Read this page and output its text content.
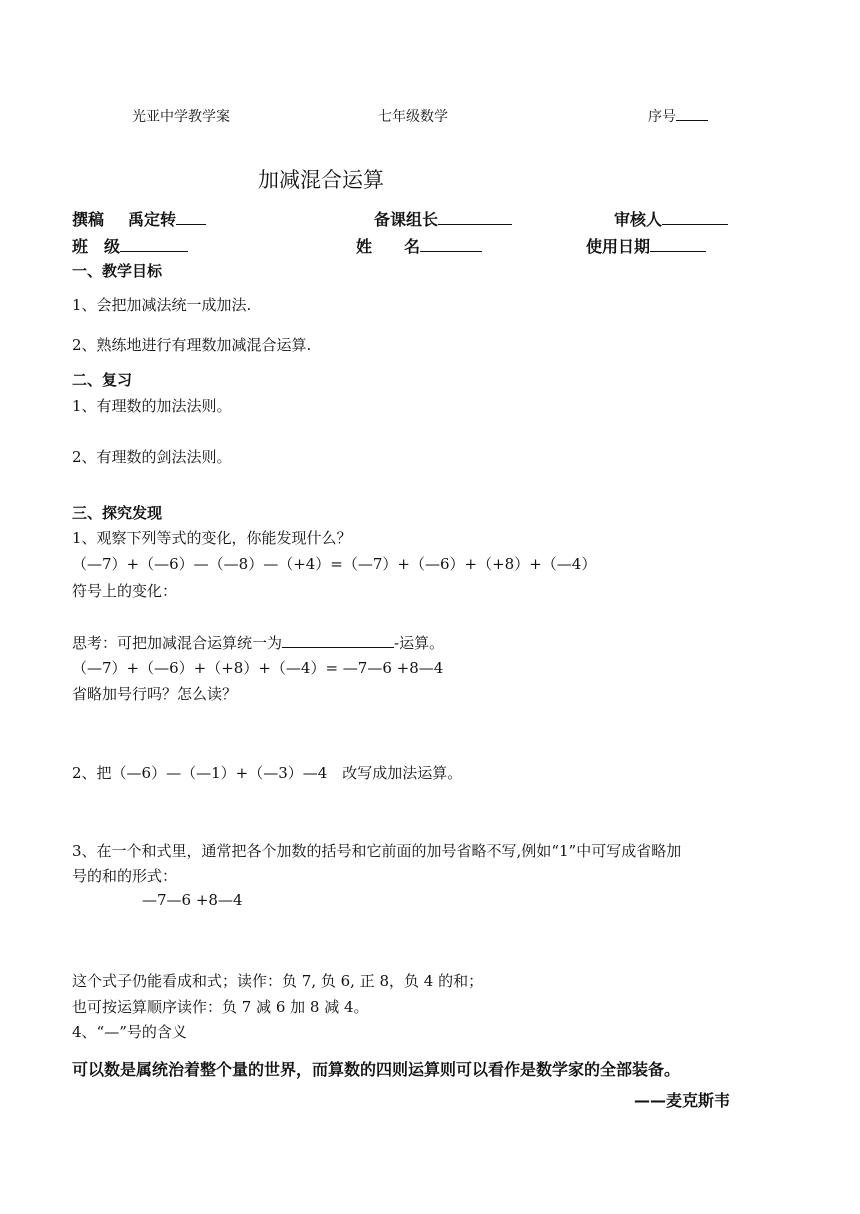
光亚中学教学案	七年级数学	序号
加减混合运算
撰稿 禹定转	备课组长	审核人
班　级	姓　　名	使用日期
一、教学目标
1、会把加减法统一成加法.
2、熟练地进行有理数加减混合运算.
二、复习
1、有理数的加法法则。
2、有理数的剑法法则。
三、探究发现
1、观察下列等式的变化，你能发现什么？
（—7）+（—6）—（—8）—（+4）=（—7）+（—6）+（+8）+（—4）
符号上的变化：
思考：可把加减混合运算统一为	-运算。
（—7）+（—6）+（+8）+（—4）= —7—6 +8—4
省略加号行吗？怎么读？
2、把（—6）—（—1）+（—3）—4　改写成加法运算。
3、在一个和式里，通常把各个加数的括号和它前面的加号省略不写,例如“1”中可写成省略加
号的和的形式：
—7—6 +8—4
这个式子仍能看成和式；读作：负 7, 负 6, 正 8，负 4 的和；
也可按运算顺序读作：负 7 减 6 加 8 减 4。
4、“—”号的含义
可以数是属统治着整个量的世界，而算数的四则运算则可以看作是数学家的全部装备。
——麦克斯韦
